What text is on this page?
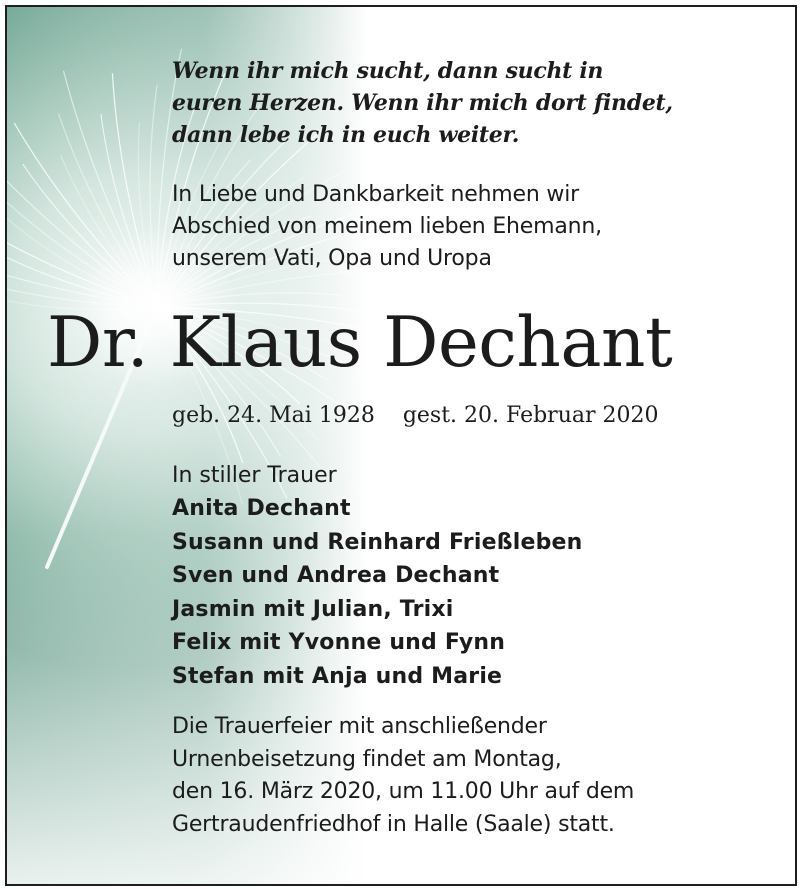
Wenn ihr mich sucht, dann sucht in
euren Herzen. Wenn ihr mich dort findet,
dann lebe ich in euch weiter.
In Liebe und Dankbarkeit nehmen wir
Abschied von meinem lieben Ehemann,
unserem Vati, Opa und Uropa
Dr. Klaus Dechant
geb. 24. Mai 1928 gest. 20. Februar 2020
In stiller Trauer
Anita Dechant
Susann und Reinhard Frießleben
Sven und Andrea Dechant
Jasmin mit Julian, Trixi
Felix mit Yvonne und Fynn
Stefan mit Anja und Marie
Die Trauerfeier mit anschließender
Urnenbeisetzung findet am Montag,
den 16. März 2020, um 11.00 Uhr auf dem
Gertraudenfriedhof in Halle (Saale) statt.
